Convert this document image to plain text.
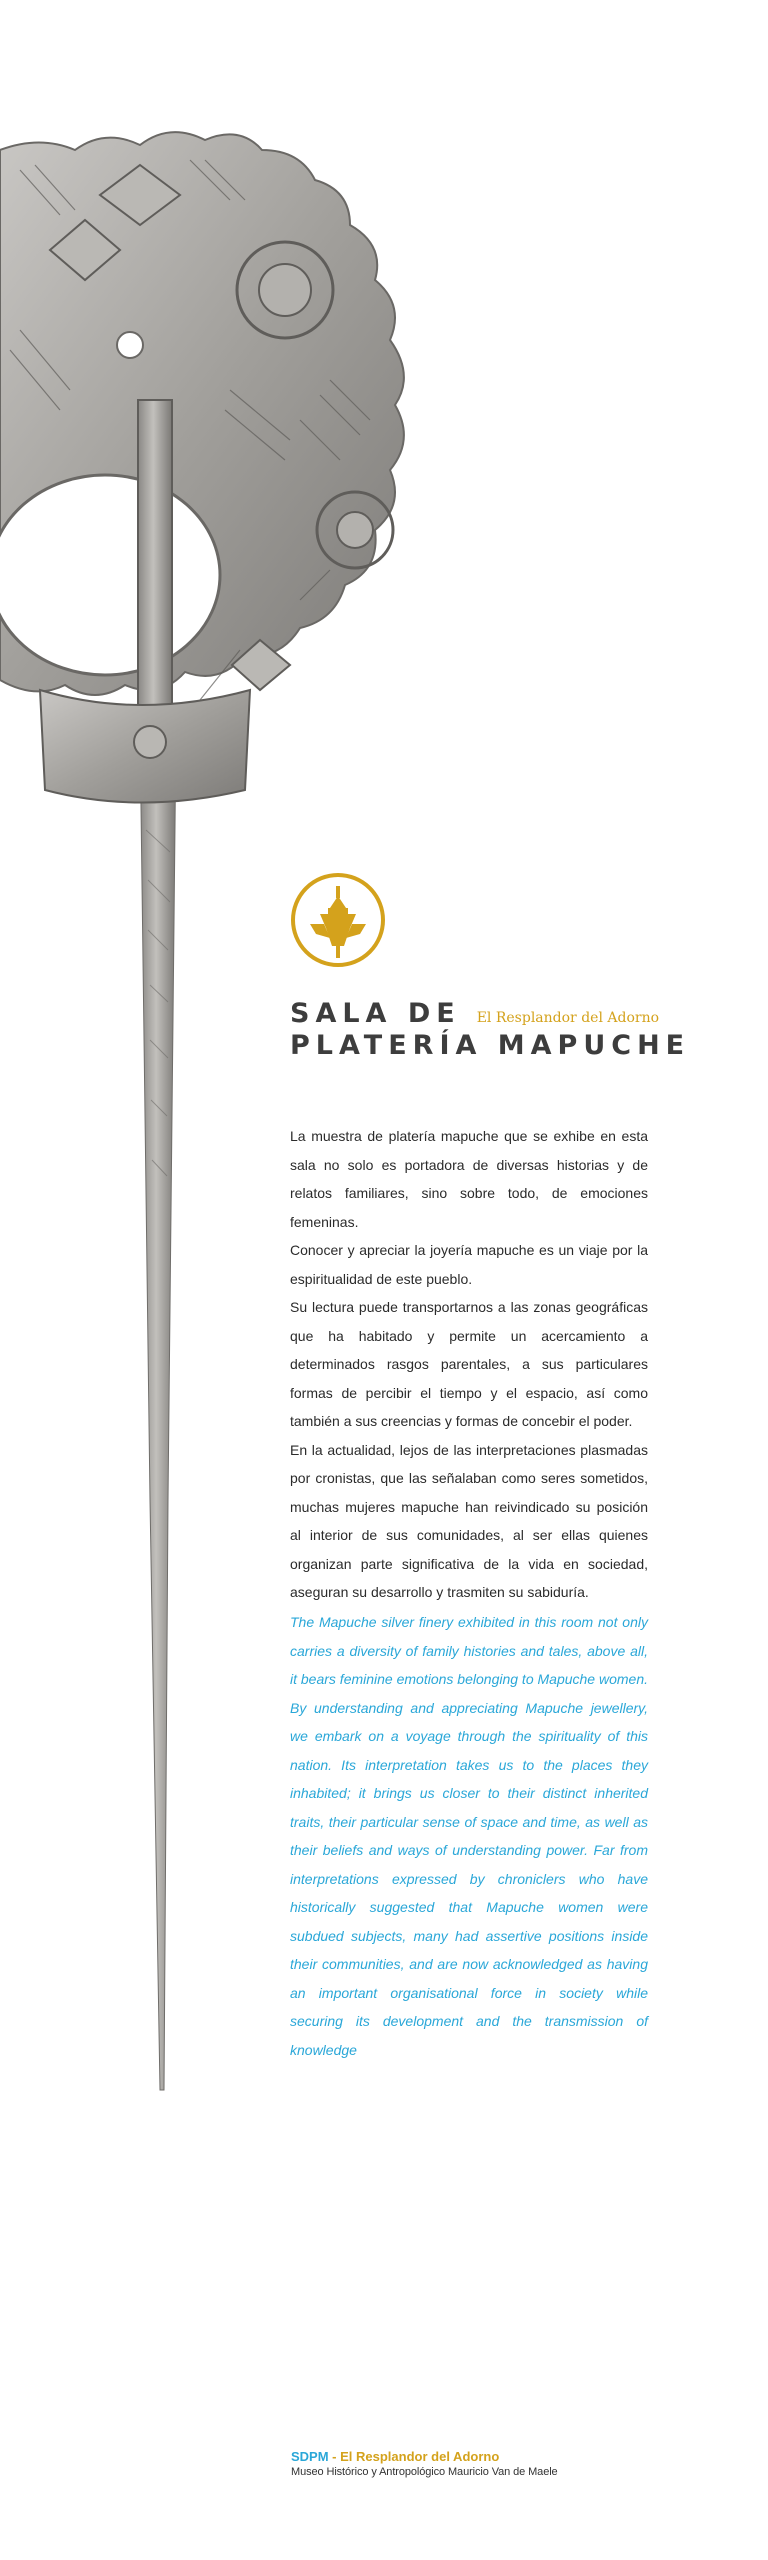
SALA DE El Resplandor del Adorno
PLATERÍA MAPUCHE
La muestra de platería mapuche que se exhibe en esta sala no solo es portadora de diversas historias y de relatos familiares, sino sobre todo, de emociones femeninas.
Conocer y apreciar la joyería mapuche es un viaje por la espiritualidad de este pueblo.
Su lectura puede transportarnos a las zonas geográficas que ha habitado y permite un acercamiento a determinados rasgos parentales, a sus particulares formas de percibir el tiempo y el espacio, así como también a sus creencias y formas de concebir el poder.
En la actualidad, lejos de las interpretaciones plasmadas por cronistas, que las señalaban como seres sometidos, muchas mujeres mapuche han reivindicado su posición al interior de sus comunidades, al ser ellas quienes organizan parte significativa de la vida en sociedad, aseguran su desarrollo y trasmiten su sabiduría.

The Mapuche silver finery exhibited in this room not only carries a diversity of family histories and tales, above all, it bears feminine emotions belonging to Mapuche women. By understanding and appreciating Mapuche jewellery, we embark on a voyage through the spirituality of this nation. Its interpretation takes us to the places they inhabited; it brings us closer to their distinct inherited traits, their particular sense of space and time, as well as their beliefs and ways of understanding power. Far from interpretations expressed by chroniclers who have historically suggested that Mapuche women were subdued subjects, many had assertive positions inside their communities, and are now acknowledged as having an important organisational force in society while securing its development and the transmission of knowledge

SDPM - El Resplandor del Adorno
Museo Histórico y Antropológico Mauricio Van de Maele
